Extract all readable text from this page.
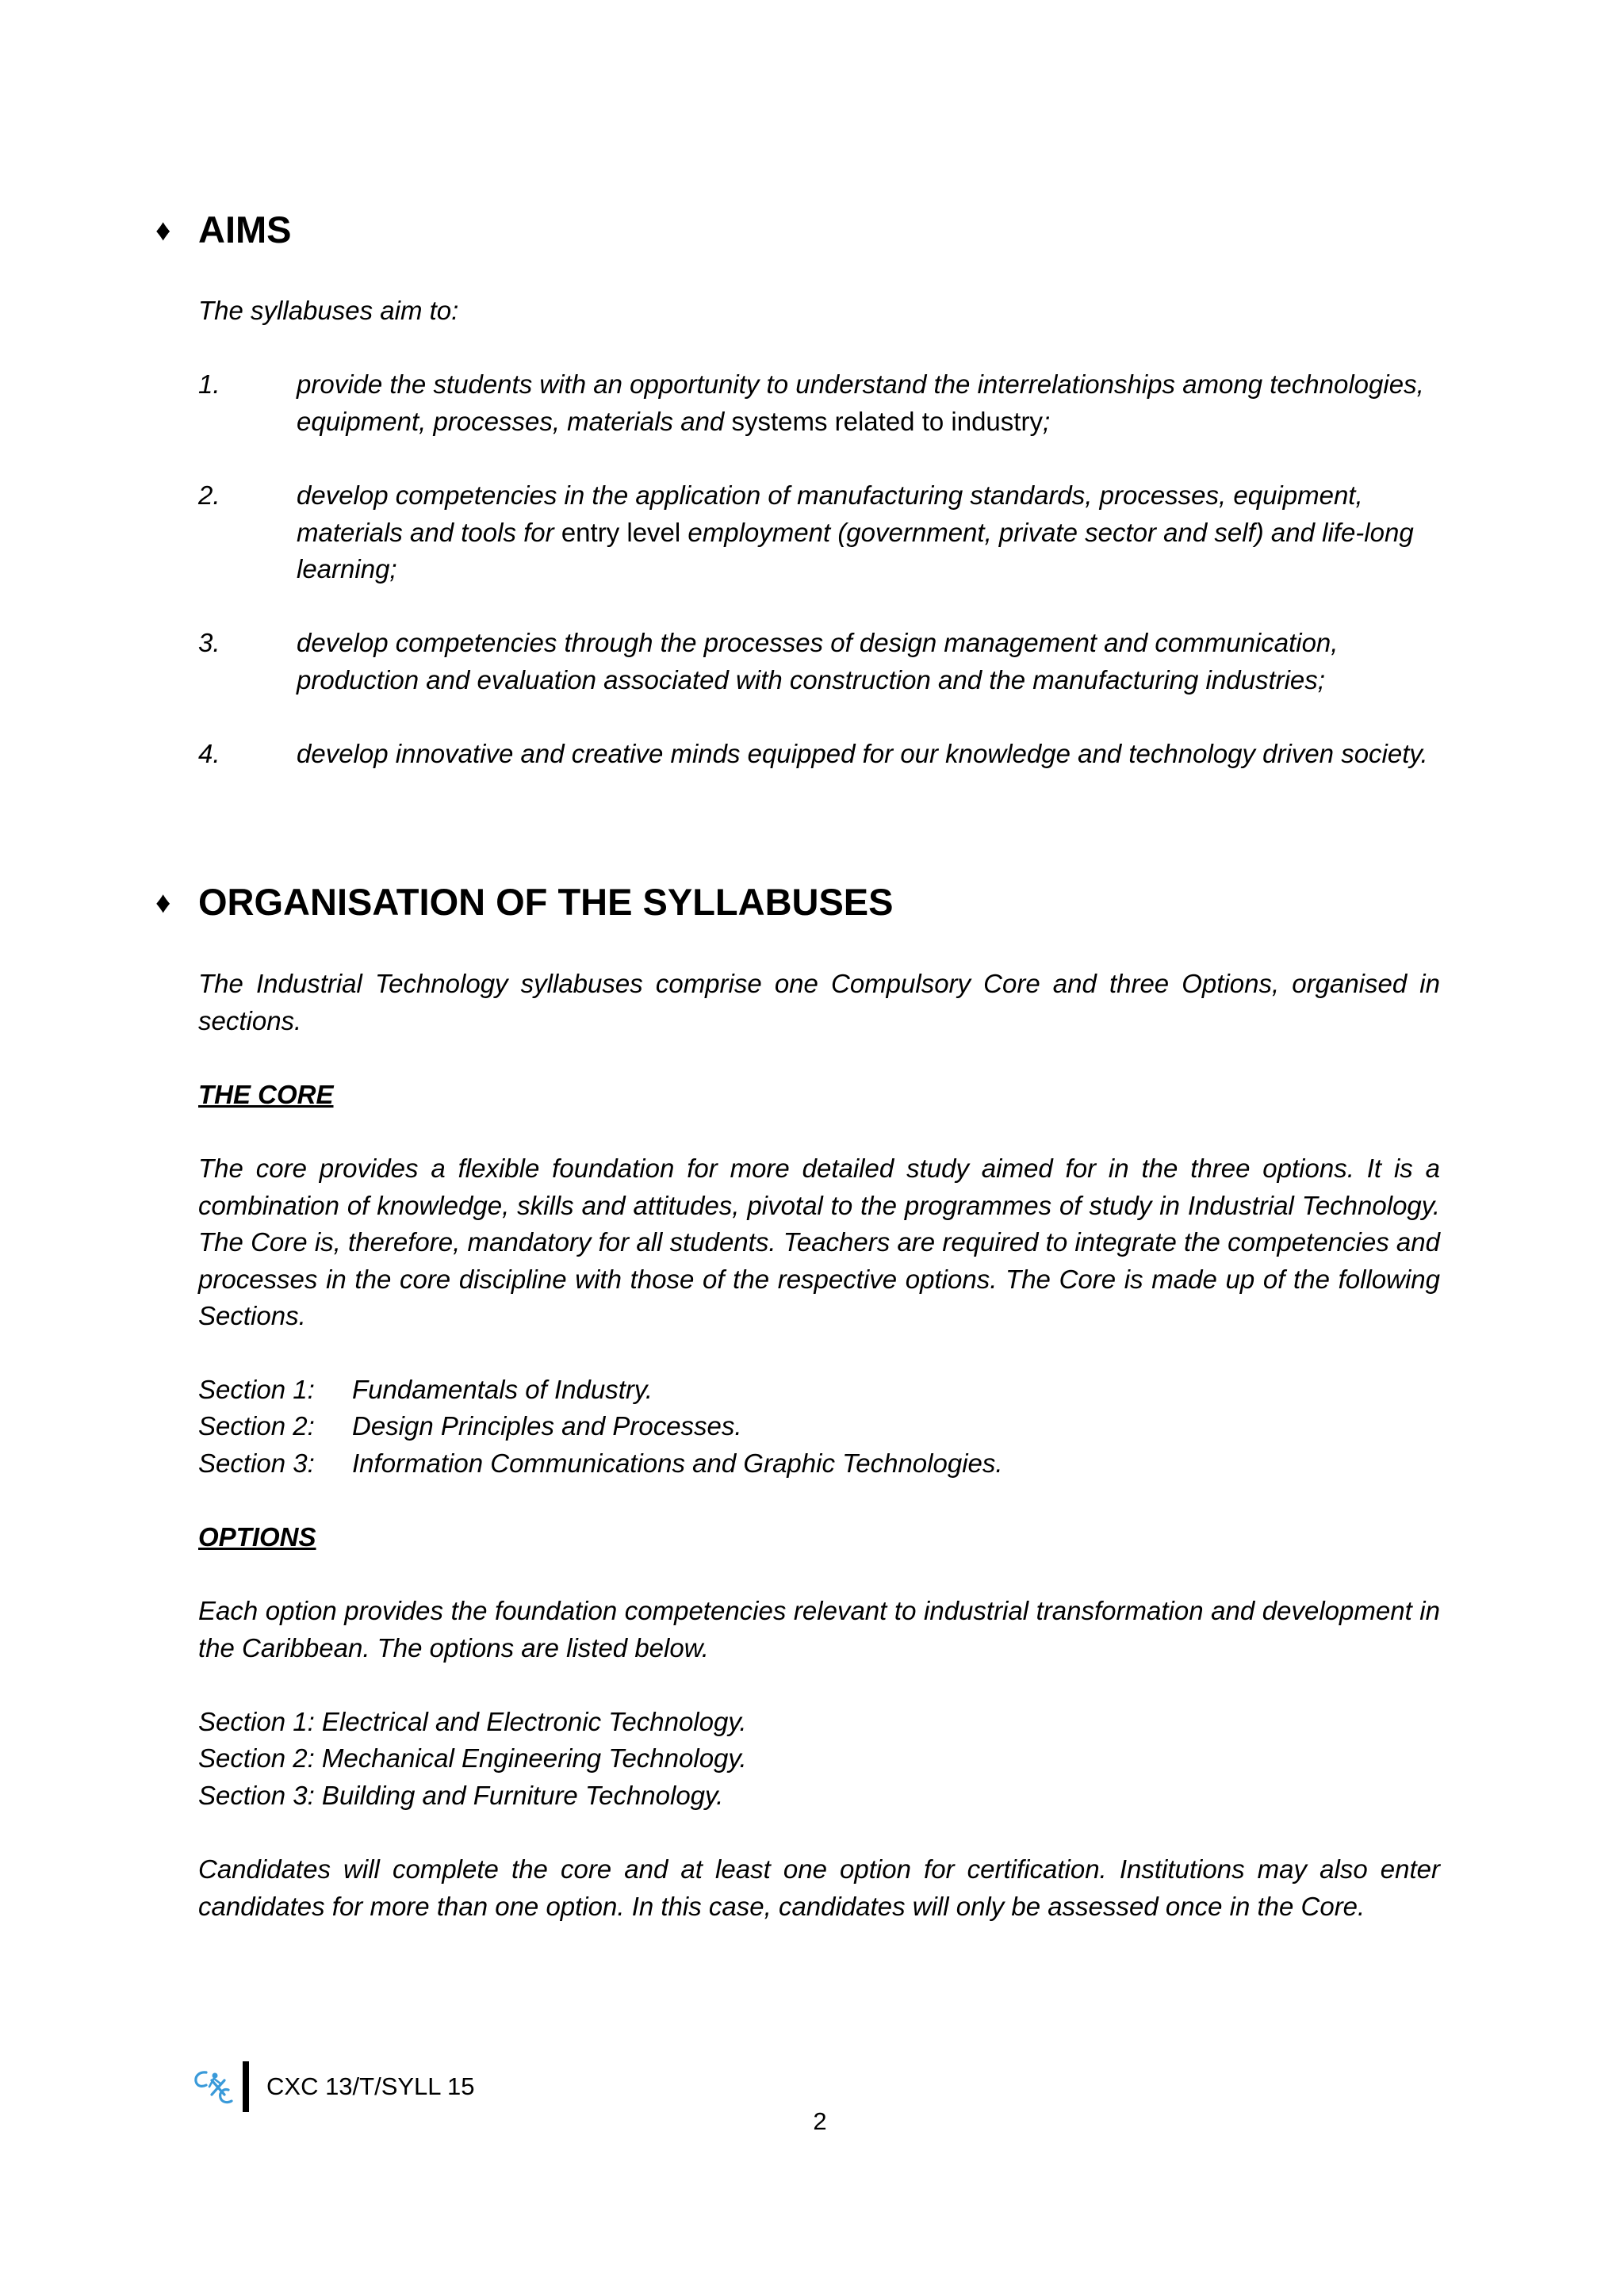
♦ AIMS
The syllabuses aim to:
1.	provide the students with an opportunity to understand the interrelationships among technologies, equipment, processes, materials and systems related to industry;
2.	develop competencies in the application of manufacturing standards, processes, equipment, materials and tools for entry level employment (government, private sector and self) and life-long learning;
3.	develop competencies through the processes of design management and communication, production and evaluation associated with construction and the manufacturing industries;
4.	develop innovative and creative minds equipped for our knowledge and technology driven society.
♦ ORGANISATION OF THE SYLLABUSES
The Industrial Technology syllabuses comprise one Compulsory Core and three Options, organised in sections.
THE CORE
The core provides a flexible foundation for more detailed study aimed for in the three options. It is a combination of knowledge, skills and attitudes, pivotal to the programmes of study in Industrial Technology. The Core is, therefore, mandatory for all students. Teachers are required to integrate the competencies and processes in the core discipline with those of the respective options. The Core is made up of the following Sections.
Section 1: Fundamentals of Industry.
Section 2: Design Principles and Processes.
Section 3: Information Communications and Graphic Technologies.
OPTIONS
Each option provides the foundation competencies relevant to industrial transformation and development in the Caribbean. The options are listed below.
Section 1: Electrical and Electronic Technology.
Section 2: Mechanical Engineering Technology.
Section 3: Building and Furniture Technology.
Candidates will complete the core and at least one option for certification. Institutions may also enter candidates for more than one option. In this case, candidates will only be assessed once in the Core.
CXC 13/T/SYLL 15
2
